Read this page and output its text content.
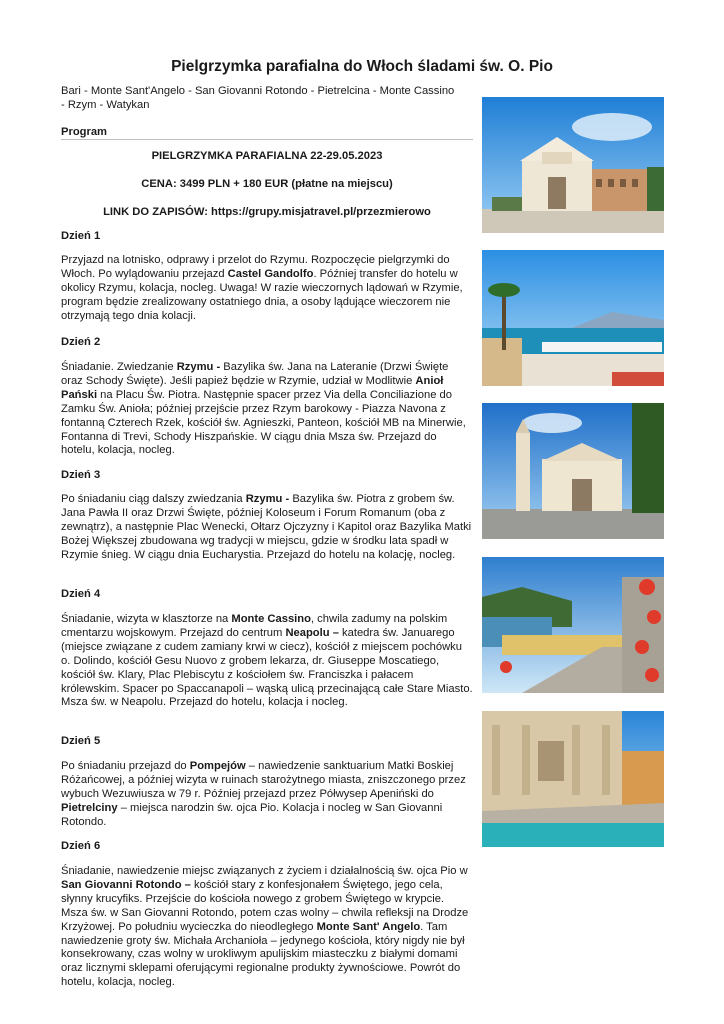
Pielgrzymka parafialna do Włoch śladami św. O. Pio
Bari - Monte Sant'Angelo - San Giovanni Rotondo - Pietrelcina - Monte Cassino - Rzym - Watykan
Program
PIELGRZYMKA PARAFIALNA 22-29.05.2023
CENA: 3499 PLN + 180 EUR (płatne na miejscu)
LINK DO ZAPISÓW: https://grupy.misjatravel.pl/przezmierowo
Dzień 1
Przyjazd na lotnisko, odprawy i przelot do Rzymu. Rozpoczęcie pielgrzymki do Włoch. Po wylądowaniu przejazd Castel Gandolfo. Później transfer do hotelu w okolicy Rzymu, kolacja, nocleg. Uwaga! W razie wieczornych lądowań w Rzymie, program będzie zrealizowany ostatniego dnia, a osoby lądujące wieczorem nie otrzymają tego dnia kolacji.
Dzień 2
Śniadanie. Zwiedzanie Rzymu - Bazylika św. Jana na Lateranie (Drzwi Święte oraz Schody Święte). Jeśli papież będzie w Rzymie, udział w Modlitwie Anioł Pański na Placu Św. Piotra. Następnie spacer przez Via della Conciliazione do Zamku Św. Anioła; później przejście przez Rzym barokowy - Piazza Navona z fontanną Czterech Rzek, kościół św. Agnieszki, Panteon, kościół MB na Minerwie, Fontanna di Trevi, Schody Hiszpańskie. W ciągu dnia Msza św. Przejazd do hotelu, kolacja, nocleg.
Dzień 3
Po śniadaniu ciąg dalszy zwiedzania Rzymu - Bazylika św. Piotra z grobem św. Jana Pawła II oraz Drzwi Święte, później Koloseum i Forum Romanum (oba z zewnątrz), a następnie Plac Wenecki, Ołtarz Ojczyzny i Kapitol oraz Bazylika Matki Bożej Większej zbudowana wg tradycji w miejscu, gdzie w środku lata spadł w Rzymie śnieg. W ciągu dnia Eucharystia. Przejazd do hotelu na kolację, nocleg.
Dzień 4
Śniadanie, wizyta w klasztorze na Monte Cassino, chwila zadumy na polskim cmentarzu wojskowym. Przejazd do centrum Neapolu – katedra św. Januarego (miejsce związane z cudem zamiany krwi w ciecz), kościół z miejscem pochówku o. Dolindo, kościół Gesu Nuovo z grobem lekarza, dr. Giuseppe Moscatiego, kościół św. Klary, Plac Plebiscytu z kościołem św. Franciszka i pałacem królewskim. Spacer po Spaccanapoli – wąską ulicą przecinającą całe Stare Miasto. Msza św. w Neapolu. Przejazd do hotelu, kolacja i nocleg.
Dzień 5
Po śniadaniu przejazd do Pompejów – nawiedzenie sanktuarium Matki Boskiej Różańcowej, a później wizyta w ruinach starożytnego miasta, zniszczonego przez wybuch Wezuwiusza w 79 r. Później przejazd przez Półwysep Apeniński do Pietrelciny – miejsca narodzin św. ojca Pio. Kolacja i nocleg w San Giovanni Rotondo.
Dzień 6
Śniadanie, nawiedzenie miejsc związanych z życiem i działalnością św. ojca Pio w San Giovanni Rotondo – kościół stary z konfesjonałem Świętego, jego cela, słynny krucyfiks. Przejście do kościoła nowego z grobem Świętego w krypcie. Msza św. w San Giovanni Rotondo, potem czas wolny – chwila refleksji na Drodze Krzyżowej. Po południu wycieczka do nieodległego Monte Sant' Angelo. Tam nawiedzenie groty św. Michała Archanioła – jedynego kościoła, który nigdy nie był konsekrowany, czas wolny w urokliwym apulijskim miasteczku z białymi domami oraz licznymi sklepami oferującymi regionalne produkty żywnościowe. Powrót do hotelu, kolacja, nocleg.
